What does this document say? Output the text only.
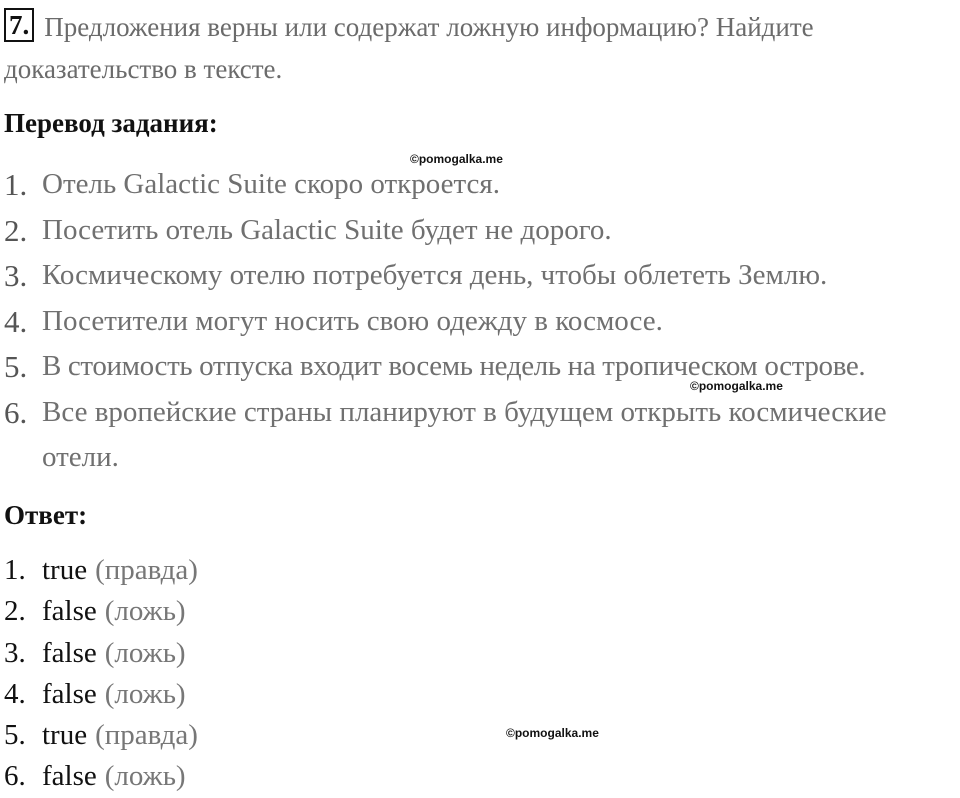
7. Предложения верны или содержат ложную информацию? Найдите доказательство в тексте.
Перевод задания:
1. Отель Galactic Suite скоро откроется.
2. Посетить отель Galactic Suite будет не дорого.
3. Космическому отелю потребуется день, чтобы облететь Землю.
4. Посетители могут носить свою одежду в космосе.
5. В стоимость отпуска входит восемь недель на тропическом острове.
6. Все вропейские страны планируют в будущем открыть космические отели.
Ответ:
1. true (правда)
2. false (ложь)
3. false (ложь)
4. false (ложь)
5. true (правда)
6. false (ложь)
©pomogalka.me
©pomogalka.me
©pomogalka.me
